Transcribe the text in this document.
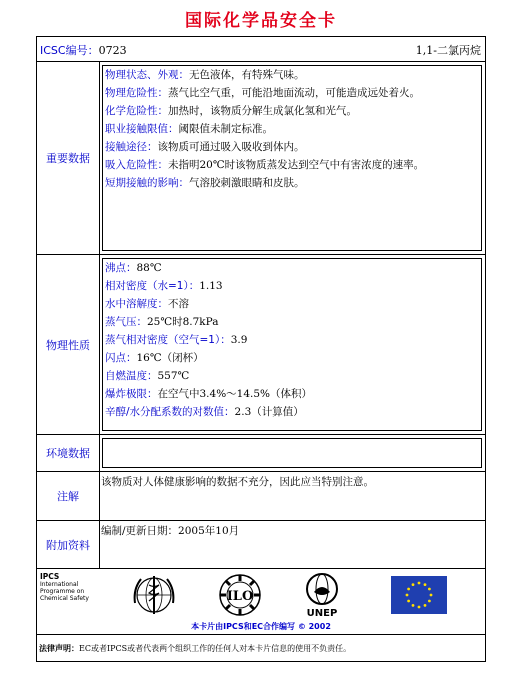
国际化学品安全卡
ICSC编号：0723	1,1-二氯丙烷
重要数据
物理状态、外观：无色液体，有特殊气味。
物理危险性：蒸气比空气重，可能沿地面流动，可能造成远处着火。
化学危险性：加热时，该物质分解生成氯化氢和光气。
职业接触限值：阈限值未制定标准。
接触途径：该物质可通过吸入吸收到体内。
吸入危险性：未指明20℃时该物质蒸发达到空气中有害浓度的速率。
短期接触的影响：气溶胶刺激眼睛和皮肤。
物理性质
沸点：88℃
相对密度（水=1）：1.13
水中溶解度：不溶
蒸气压：25℃时8.7kPa
蒸气相对密度（空气=1）：3.9
闪点：16℃（闭杯）
自燃温度：557℃
爆炸极限：在空气中3.4%～14.5%（体积）
辛醇/水分配系数的对数值：2.3（计算值）
环境数据
注解
该物质对人体健康影响的数据不充分，因此应当特别注意。
附加资料
编制/更新日期：2005年10月
IPCS
International
Programme on
Chemical Safety	ILO
UNEP
本卡片由IPCS和EC合作编写 © 2002
法律声明：EC或者IPCS或者代表两个组织工作的任何人对本卡片信息的使用不负责任。
